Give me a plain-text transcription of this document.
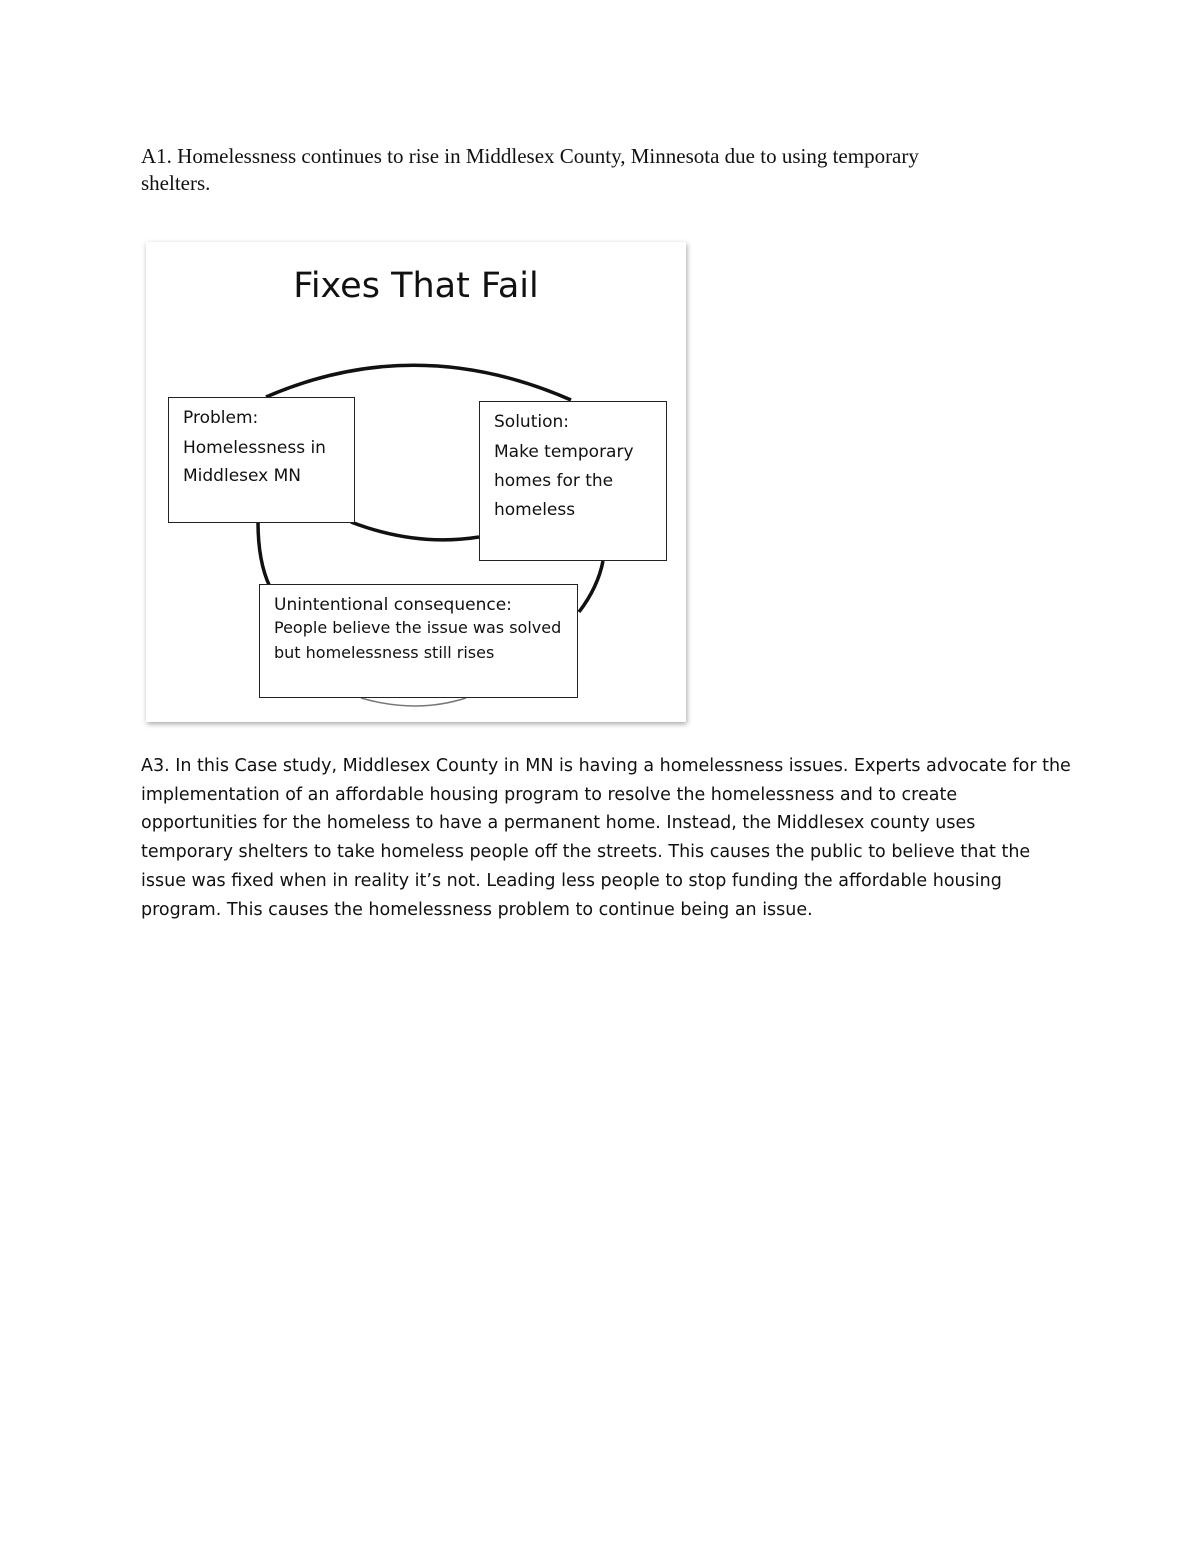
A1. Homelessness continues to rise in Middlesex County, Minnesota due to using temporary shelters.
Fixes That Fail
Problem:
Homelessness in Middlesex MN
Solution:
Make temporary homes for the homeless
Unintentional consequence:
People believe the issue was solved but homelessness still rises
A3. In this Case study, Middlesex County in MN is having a homelessness issues. Experts advocate for the implementation of an affordable housing program to resolve the homelessness and to create opportunities for the homeless to have a permanent home. Instead, the Middlesex county uses temporary shelters to take homeless people off the streets. This causes the public to believe that the issue was fixed when in reality it’s not. Leading less people to stop funding the affordable housing program. This causes the homelessness problem to continue being an issue.
